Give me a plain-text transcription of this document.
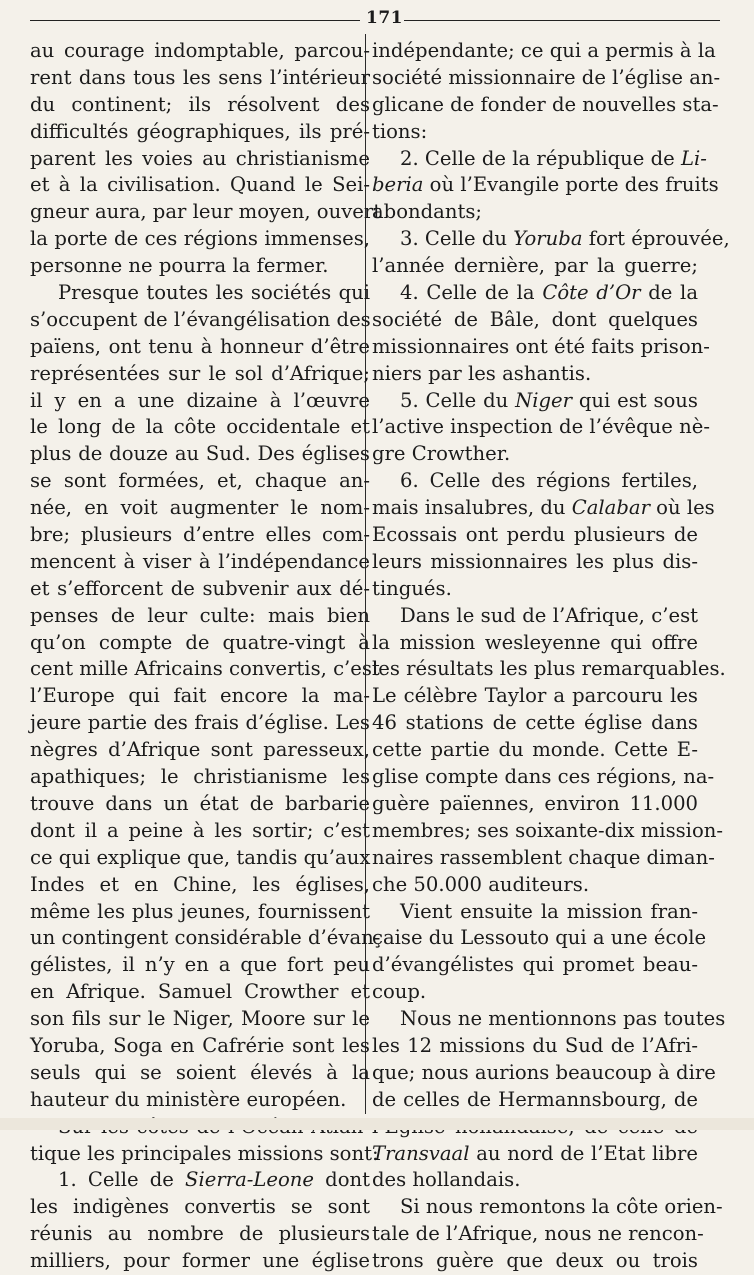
171
au courage indomptable, parcou-
rent dans tous les sens l’intérieur
du continent; ils résolvent des
difficultés géographiques, ils pré-
parent les voies au christianisme
et à la civilisation. Quand le Sei-
gneur aura, par leur moyen, ouvert
la porte de ces régions immenses,
personne ne pourra la fermer.
Presque toutes les sociétés qui
s’occupent de l’évangélisation des
païens, ont tenu à honneur d’être
représentées sur le sol d’Afrique;
il y en a une dizaine à l’œuvre
le long de la côte occidentale et
plus de douze au Sud. Des églises
se sont formées, et, chaque an-
née, en voit augmenter le nom-
bre; plusieurs d’entre elles com-
mencent à viser à l’indépendance
et s’efforcent de subvenir aux dé-
penses de leur culte: mais bien
qu’on compte de quatre-vingt à
cent mille Africains convertis, c’est
l’Europe qui fait encore la ma-
jeure partie des frais d’église. Les
nègres d’Afrique sont paresseux,
apathiques; le christianisme les
trouve dans un état de barbarie
dont il a peine à les sortir; c’est
ce qui explique que, tandis qu’aux
Indes et en Chine, les églises,
même les plus jeunes, fournissent
un contingent considérable d’évan-
gélistes, il n’y en a que fort peu
en Afrique. Samuel Crowther et
son fils sur le Niger, Moore sur le
Yoruba, Soga en Cafrérie sont les
seuls qui se soient élevés à la
hauteur du ministère européen.
tique les principales missions sont:
1. Celle de Sierra-Leone dont
les indigènes convertis se sont
réunis au nombre de plusieurs
milliers, pour former une église
indépendante; ce qui a permis à la
société missionnaire de l’église an-
glicane de fonder de nouvelles sta-
tions:
2. Celle de la république de Li-
beria où l’Evangile porte des fruits
abondants;
3. Celle du Yoruba fort éprouvée,
l’année dernière, par la guerre;
4. Celle de la Côte d’Or de la
société de Bâle, dont quelques
missionnaires ont été faits prison-
niers par les ashantis.
5. Celle du Niger qui est sous
l’active inspection de l’évêque nè-
gre Crowther.
6. Celle des régions fertiles,
mais insalubres, du Calabar où les
Ecossais ont perdu plusieurs de
leurs missionnaires les plus dis-
tingués.
Dans le sud de l’Afrique, c’est
la mission wesleyenne qui offre
les résultats les plus remarquables.
Le célèbre Taylor a parcouru les
46 stations de cette église dans
cette partie du monde. Cette E-
glise compte dans ces régions, na-
guère païennes, environ 11.000
membres; ses soixante-dix mission-
naires rassemblent chaque diman-
che 50.000 auditeurs.
Vient ensuite la mission fran-
çaise du Lessouto qui a une école
d’évangélistes qui promet beau-
coup.
Nous ne mentionnons pas toutes
les 12 missions du Sud de l’Afri-
que; nous aurions beaucoup à dire
de celles de Hermannsbourg, de
Transvaal au nord de l’Etat libre
des hollandais.
Si nous remontons la côte orien-
tale de l’Afrique, nous ne rencon-
trons guère que deux ou trois
